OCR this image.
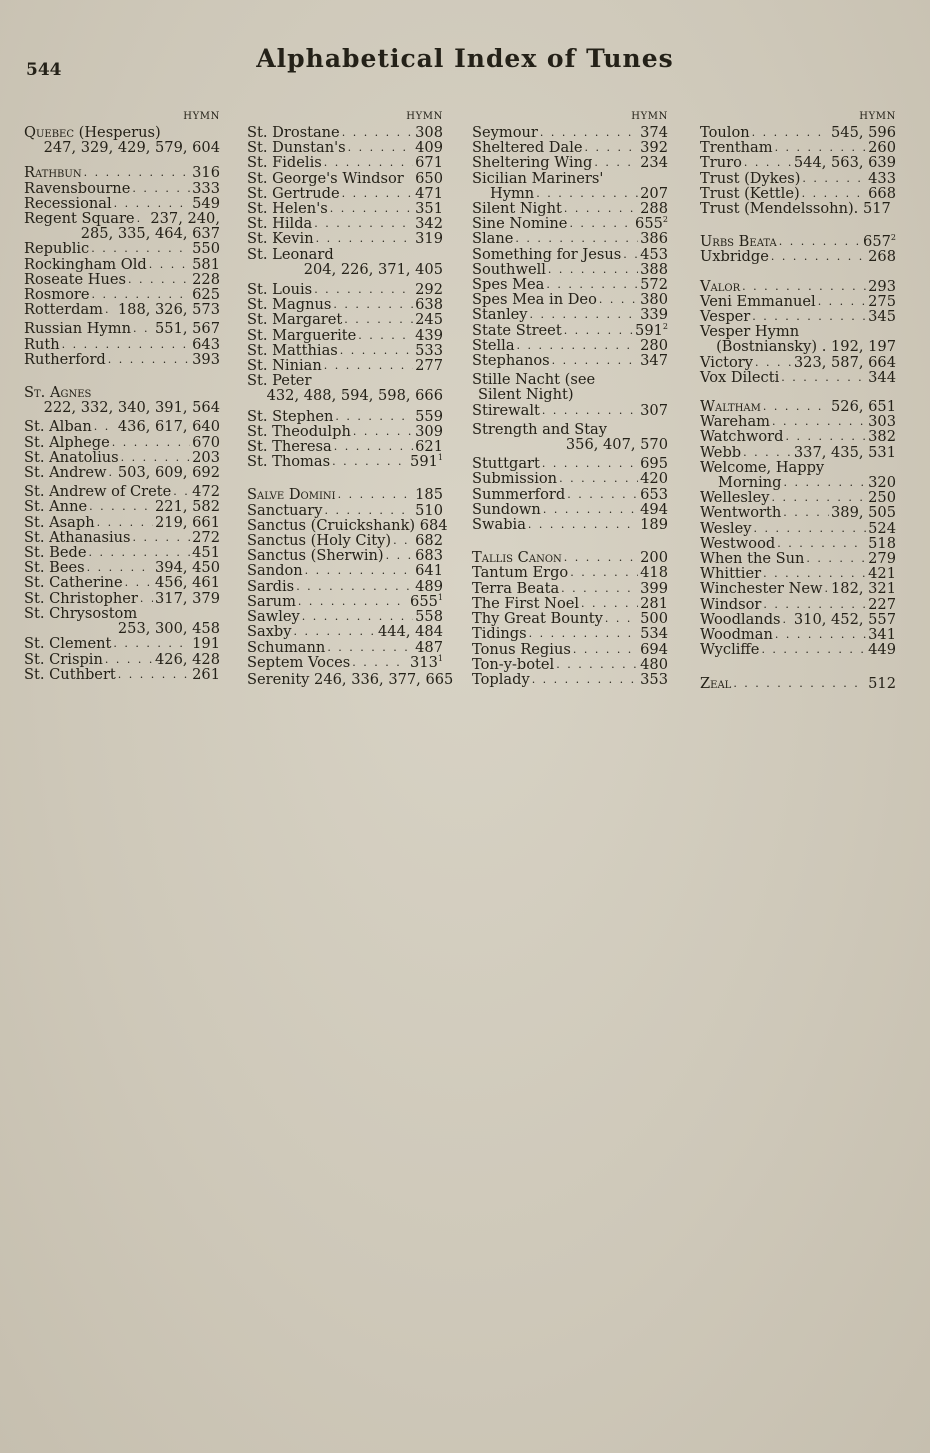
544	Alphabetical Index of Tunes
HYMN
Quebec (Hesperus)
247, 329, 429, 579, 604
Rathbun . . .	316
Ravensbourne . . .	333
Recessional . . .	549
Regent Square . . . 237, 240,
285, 335, 464, 637
Republic . . .	550
Rockingham Old . . .	581
Roseate Hues . . .	228
Rosmore . . .	625
Rotterdam . . . 188, 326, 573
Russian Hymn . . . 551, 567
Ruth . . .	643
Rutherford . . .	393
St. Agnes
222, 332, 340, 391, 564
St. Alban . . . 436, 617, 640
St. Alphege . . .	670
St. Anatolius . . .	203
St. Andrew . . . 503, 609, 692
St. Andrew of Crete . . . 472
St. Anne . . .	221, 582
St. Asaph . . .	219, 661
St. Athanasius . . .	272
St. Bede . . .	451
St. Bees . . .	394, 450
St. Catherine . . . 456, 461
St. Christopher . . . 317, 379
St. Chrysostom
253, 300, 458
St. Clement . . .	191
St. Crispin . . .	426, 428
St. Cuthbert . . .	261
HYMN
St. Drostane . . .	308
St. Dunstan's . . .	409
St. Fidelis . . .	671
St. George's Windsor 650
St. Gertrude . . .	471
St. Helen's . . .	351
St. Hilda . . .	342
St. Kevin . . .	319
St. Leonard
204, 226, 371, 405
St. Louis . . .	292
St. Magnus . . .	638
St. Margaret . . .	245
St. Marguerite . . .	439
St. Matthias . . .	533
St. Ninian . . .	277
St. Peter
432, 488, 594, 598, 666
St. Stephen . . .	559
St. Theodulph . . .	309
St. Theresa . . .	621
St. Thomas . . .	$591^1$
Salve Domini . . .	185
Sanctuary . . .	510
Sanctus (Cruickshank) 684
Sanctus (Holy City) . . . 682
Sanctus (Sherwin) . . . 683
Sandon . . .	641
Sardis . . .	489
Sarum . . .	$655^1$
Sawley . . .	558
Saxby . . .	444, 484
Schumann . . .	487
Septem Voces . . .	$313^1$
Serenity 246, 336, 377, 665
HYMN
Seymour . . .	374
Sheltered Dale . . .	392
Sheltering Wing . . .	234
Sicilian Mariners'
Hymn . . .	207
Silent Night . . .	288
Sine Nomine . . .	$655^2$
Slane . . .	386
Something for Jesus . . . 453
Southwell . . .	388
Spes Mea . . .	572
Spes Mea in Deo . . .	380
Stanley . . .	339
State Street . . .	$591^2$
Stella . . .	280
Stephanos . . .	347
Stille Nacht (see
Silent Night)
Stirewalt . . .	307
Strength and Stay
356, 407, 570
Stuttgart . . .	695
Submission . . .	420
Summerford . . .	653
Sundown . . .	494
Swabia . . .	189
Tallis Canon . . .	200
Tantum Ergo . . .	418
Terra Beata . . .	399
The First Noel . . .	281
Thy Great Bounty . . .	500
Tidings . . .	534
Tonus Regius . . .	694
Ton-y-botel . . .	480
Toplady . . .	353
HYMN
Toulon . . .	545, 596
Trentham . . .	260
Truro . . .	544, 563, 639
Trust (Dykes) . . .	433
Trust (Kettle) . . .	668
Trust (Mendelssohn). 517
Urbs Beata . . .	$657^2$
Uxbridge . . .	268
Valor . . .	293
Veni Emmanuel . . .	275
Vesper . . .	345
Vesper Hymn
(Bostniansky) . 192, 197
Victory . . .	323, 587, 664
Vox Dilecti . . .	344
Waltham . . .	526, 651
Wareham . . .	303
Watchword . . .	382
Webb . . .	337, 435, 531
Welcome, Happy
Morning . . .	320
Wellesley . . .	250
Wentworth . . .	389, 505
Wesley . . .	524
Westwood . . .	518
When the Sun . . .	279
Whittier . . .	421
Winchester New . . . 182, 321
Windsor . . .	227
Woodlands . . . 310, 452, 557
Woodman . . .	341
Wycliffe . . .	449
Zeal . . .	512
